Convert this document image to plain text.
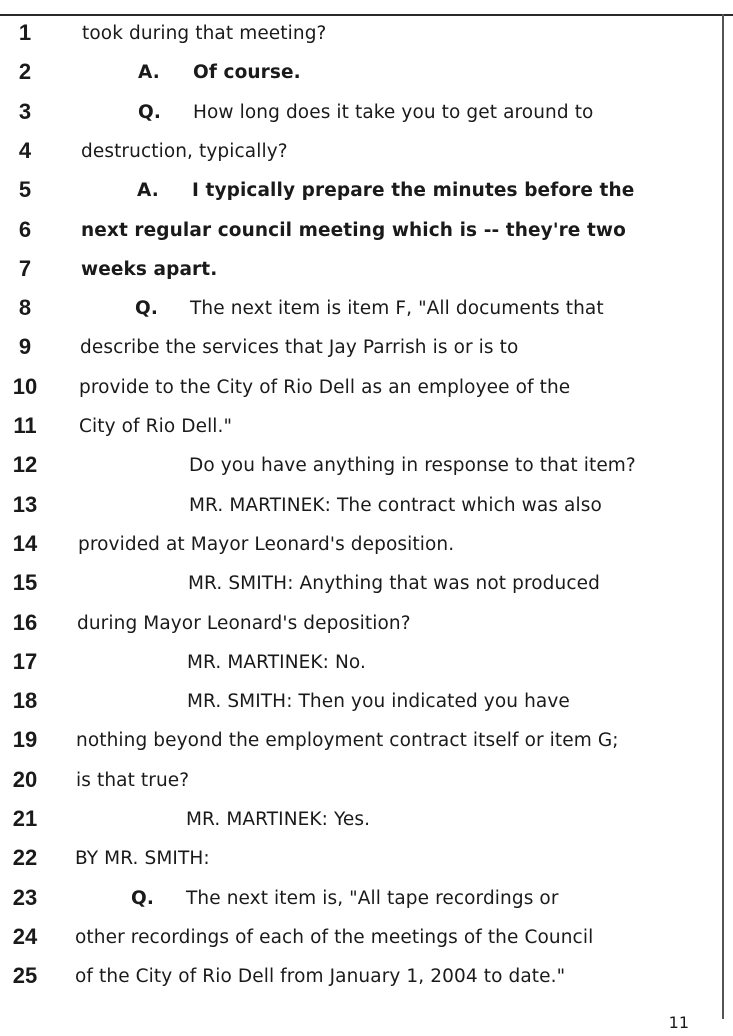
1	took during that meeting?
2	A. Of course.
3	Q. How long does it take you to get around to
4	destruction, typically?
5	A. I typically prepare the minutes before the
6	next regular council meeting which is -- they're two
7	weeks apart.
8	Q. The next item is item F, "All documents that
9	describe the services that Jay Parrish is or is to
10	provide to the City of Rio Dell as an employee of the
11	City of Rio Dell."
12	Do you have anything in response to that item?
13	MR. MARTINEK: The contract which was also
14	provided at Mayor Leonard's deposition.
15	MR. SMITH: Anything that was not produced
16	during Mayor Leonard's deposition?
17	MR. MARTINEK: No.
18	MR. SMITH: Then you indicated you have
19	nothing beyond the employment contract itself or item G;
20	is that true?
21	MR. MARTINEK: Yes.
22	BY MR. SMITH:
23	Q. The next item is, "All tape recordings or
24	other recordings of each of the meetings of the Council
25	of the City of Rio Dell from January 1, 2004 to date."
11
